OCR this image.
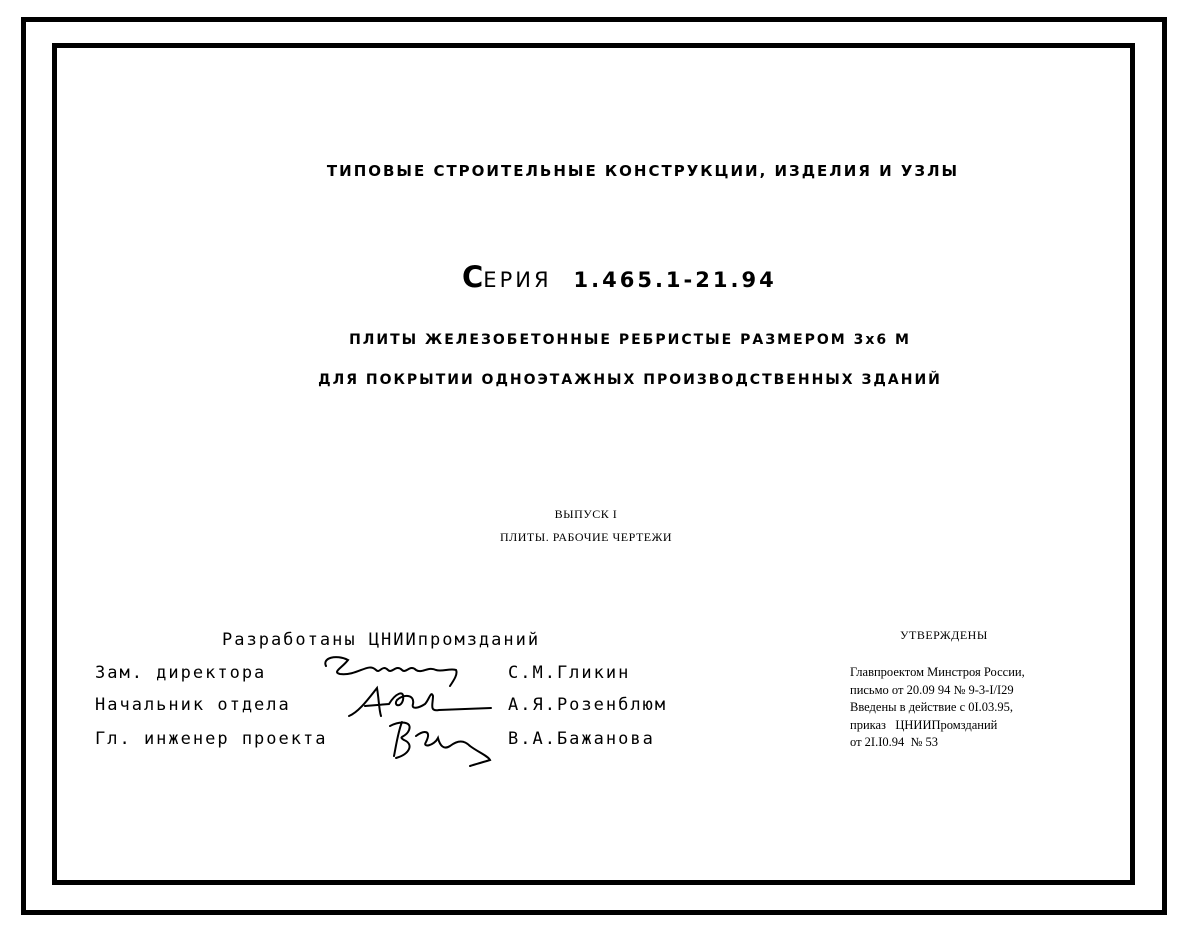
ТИПОВЫЕ СТРОИТЕЛЬНЫЕ КОНСТРУКЦИИ, ИЗДЕЛИЯ И УЗЛЫ
СЕРИЯ 1.465.1-21.94
ПЛИТЫ ЖЕЛЕЗОБЕТОННЫЕ РЕБРИСТЫЕ РАЗМЕРОМ 3х6 М
ДЛЯ ПОКРЫТИИ ОДНОЭТАЖНЫХ ПРОИЗВОДСТВЕННЫХ ЗДАНИЙ
ВЫПУСК I
ПЛИТЫ. РАБОЧИЕ ЧЕРТЕЖИ
Разработаны ЦНИИпромзданий
Зам. директора	С.М.Гликин
Начальник отдела	А.Я.Розенблюм
Гл. инженер проекта	В.А.Бажанова
УТВЕРЖДЕНЫ
Главпроектом Минстроя России,
письмо от 20.09 94 № 9-3-I/I29
Введены в действие с 0I.03.95,
приказ   ЦНИИПромзданий
от 2I.I0.94  № 53
